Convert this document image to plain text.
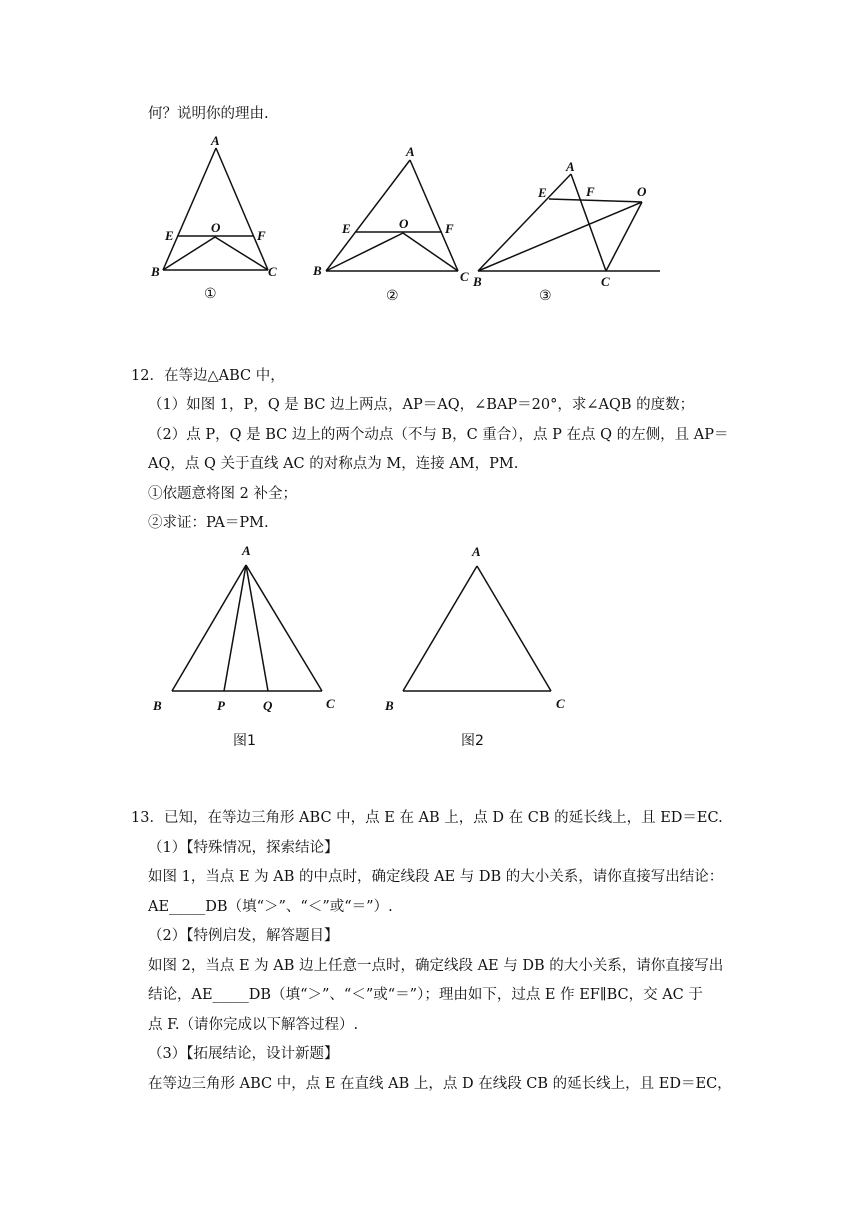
何？说明你的理由.
A
E
O
F
B	C
①
A
E	O	F
B	C
②
A
E	F	O
B	C
③
A
B	P	Q	C
图1
A
B	C
图2
12．在等边△ABC 中，
（1）如图 1，P，Q 是 BC 边上两点，AP＝AQ，∠BAP＝20°，求∠AQB 的度数；
（2）点 P，Q 是 BC 边上的两个动点（不与 B，C 重合），点 P 在点 Q 的左侧，且 AP＝
AQ，点 Q 关于直线 AC 的对称点为 M，连接 AM，PM.
①依题意将图 2 补全；
②求证：PA＝PM.
13．已知，在等边三角形 ABC 中，点 E 在 AB 上，点 D 在 CB 的延长线上，且 ED＝EC.
（1）【特殊情况，探索结论】
如图 1，当点 E 为 AB 的中点时，确定线段 AE 与 DB 的大小关系，请你直接写出结论：
AE_____DB（填“＞”、“＜”或“＝”）.
（2）【特例启发，解答题目】
如图 2，当点 E 为 AB 边上任意一点时，确定线段 AE 与 DB 的大小关系，请你直接写出
结论，AE_____DB（填“＞”、“＜”或“＝”）；理由如下，过点 E 作 EF∥BC，交 AC 于
点 F.（请你完成以下解答过程）.
（3）【拓展结论，设计新题】
在等边三角形 ABC 中，点 E 在直线 AB 上，点 D 在线段 CB 的延长线上，且 ED＝EC，
